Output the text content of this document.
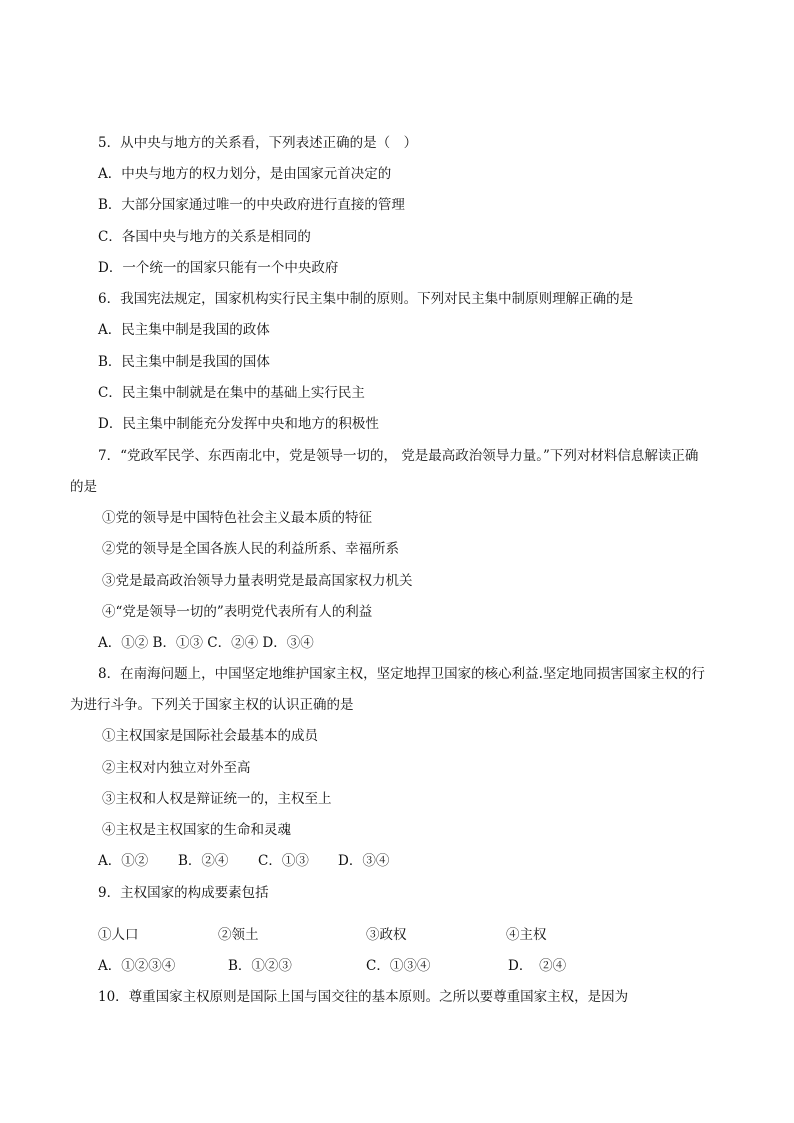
5．从中央与地方的关系看，下列表述正确的是（　）
A．中央与地方的权力划分，是由国家元首决定的
B．大部分国家通过唯一的中央政府进行直接的管理
C．各国中央与地方的关系是相同的
D．一个统一的国家只能有一个中央政府
6．我国宪法规定，国家机构实行民主集中制的原则。下列对民主集中制原则理解正确的是
A．民主集中制是我国的政体
B．民主集中制是我国的国体
C．民主集中制就是在集中的基础上实行民主
D．民主集中制能充分发挥中央和地方的积极性
7．“党政军民学、东西南北中，党是领导一切的， 党是最高政治领导力量。”下列对材料信息解读正确
的是
①党的领导是中国特色社会主义最本质的特征
②党的领导是全国各族人民的利益所系、幸福所系
③党是最高政治领导力量表明党是最高国家权力机关
④“党是领导一切的”表明党代表所有人的利益
A．①② B．①③ C．②④ D．③④
8．在南海问题上，中国坚定地维护国家主权，坚定地捍卫国家的核心利益.坚定地同损害国家主权的行
为进行斗争。下列关于国家主权的认识正确的是
①主权国家是国际社会最基本的成员
②主权对内独立对外至高
③主权和人权是辩证统一的，主权至上
④主权是主权国家的生命和灵魂
A．①② B．②④ C．①③ D．③④
9．主权国家的构成要素包括
①人口	②领土	③政权	④主权
A．①②③④	B．①②③	C．①③④	D．　②④
10．尊重国家主权原则是国际上国与国交往的基本原则。之所以要尊重国家主权，是因为
